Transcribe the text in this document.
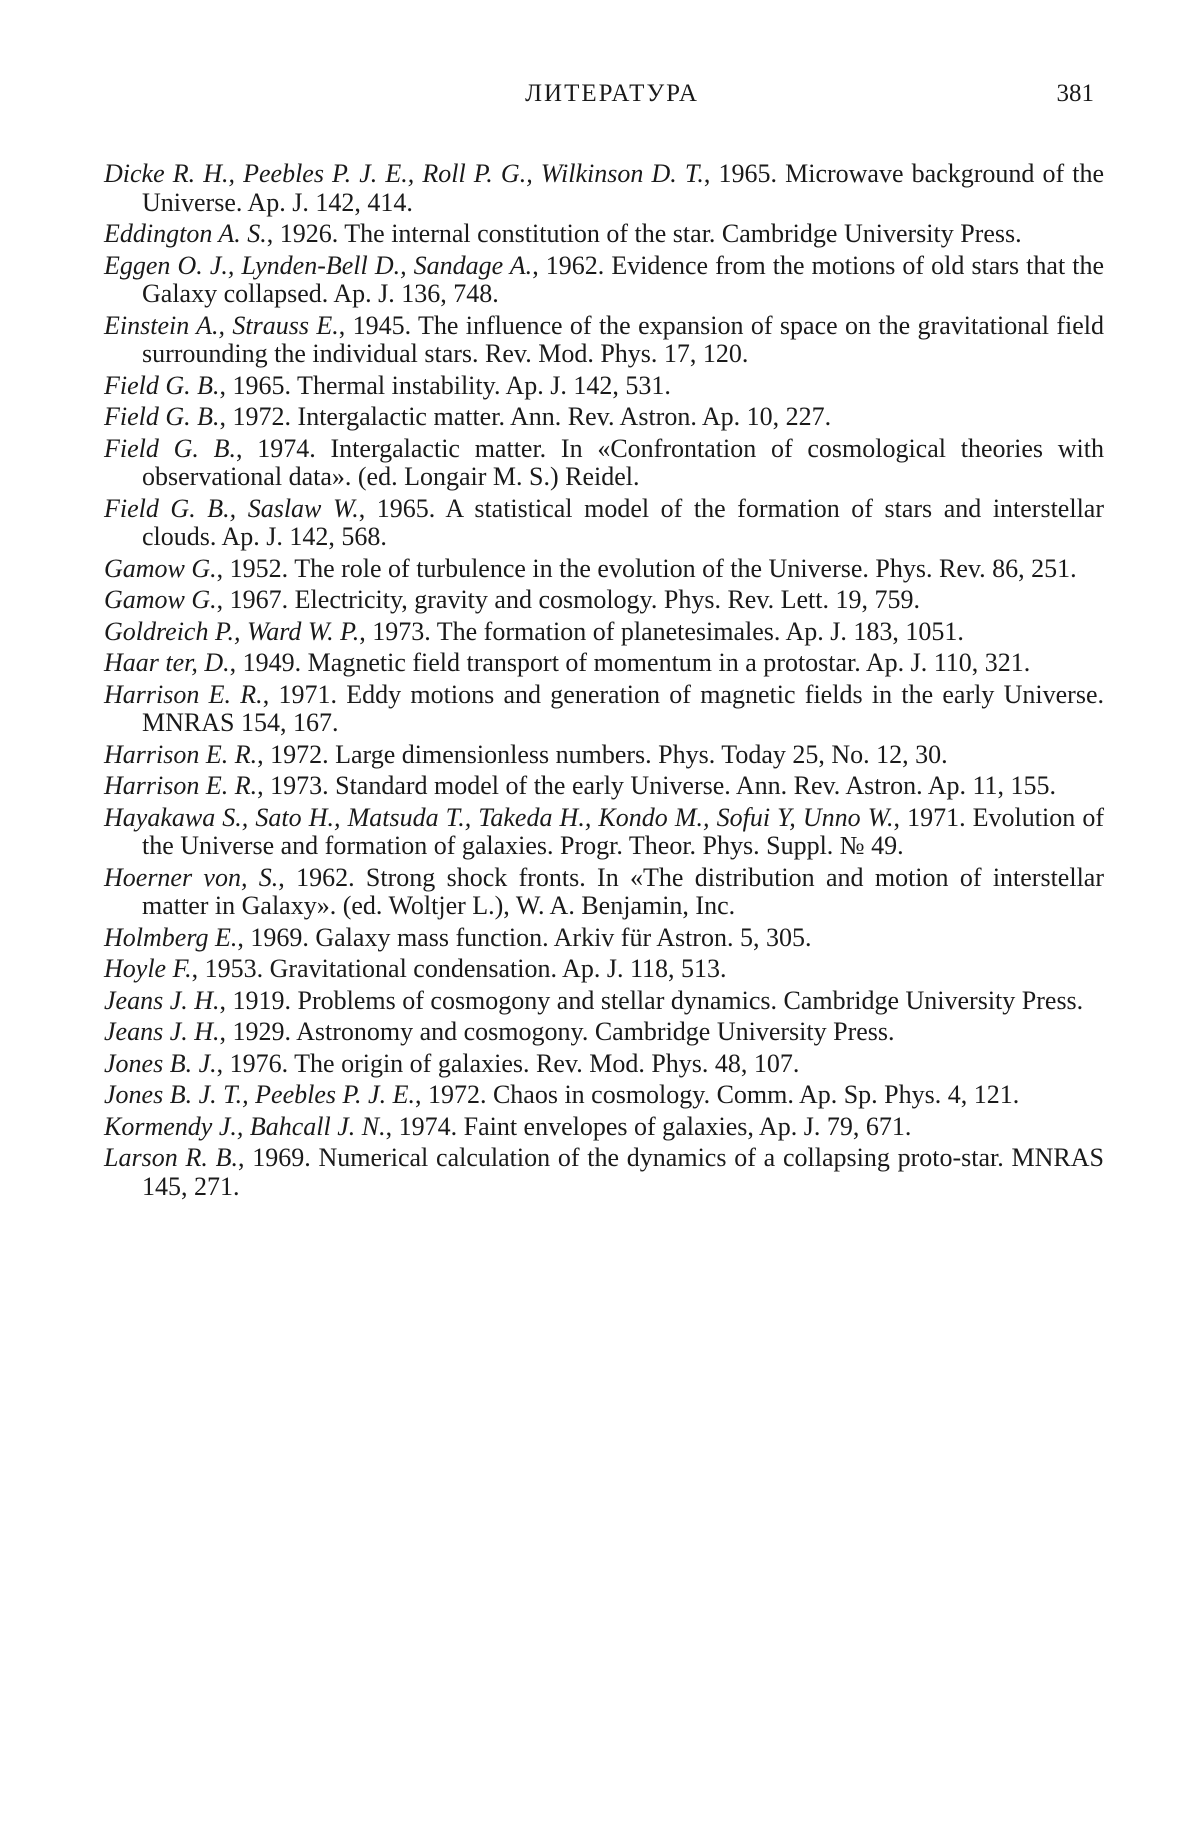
ЛИТЕРАТУРА	381

Dicke R. H., Peebles P. J. E., Roll P. G., Wilkinson D. T., 1965. Microwave background of the Universe. Ap. J. 142, 414.

Eddington A. S., 1926. The internal constitution of the star. Cambridge University Press.

Eggen O. J., Lynden-Bell D., Sandage A., 1962. Evidence from the motions of old stars that the Galaxy collapsed. Ap. J. 136, 748.

Einstein A., Strauss E., 1945. The influence of the expansion of space on the gravitational field surrounding the individual stars. Rev. Mod. Phys. 17, 120.

Field G. B., 1965. Thermal instability. Ap. J. 142, 531.

Field G. B., 1972. Intergalactic matter. Ann. Rev. Astron. Ap. 10, 227.

Field G. B., 1974. Intergalactic matter. In «Confrontation of cosmological theories with observational data». (ed. Longair M. S.) Reidel.

Field G. B., Saslaw W., 1965. A statistical model of the formation of stars and interstellar clouds. Ap. J. 142, 568.

Gamow G., 1952. The role of turbulence in the evolution of the Universe. Phys. Rev. 86, 251.

Gamow G., 1967. Electricity, gravity and cosmology. Phys. Rev. Lett. 19, 759.

Goldreich P., Ward W. P., 1973. The formation of planetesimales. Ap. J. 183, 1051.

Haar ter, D., 1949. Magnetic field transport of momentum in a protostar. Ap. J. 110, 321.

Harrison E. R., 1971. Eddy motions and generation of magnetic fields in the early Universe. MNRAS 154, 167.

Harrison E. R., 1972. Large dimensionless numbers. Phys. Today 25, No. 12, 30.

Harrison E. R., 1973. Standard model of the early Universe. Ann. Rev. Astron. Ap. 11, 155.

Hayakawa S., Sato H., Matsuda T., Takeda H., Kondo M., Sofui Y, Unno W., 1971. Evolution of the Universe and formation of galaxies. Progr. Theor. Phys. Suppl. № 49.

Hoerner von, S., 1962. Strong shock fronts. In «The distribution and motion of interstellar matter in Galaxy». (ed. Woltjer L.), W. A. Benjamin, Inc.

Holmberg E., 1969. Galaxy mass function. Arkiv für Astron. 5, 305.

Hoyle F., 1953. Gravitational condensation. Ap. J. 118, 513.

Jeans J. H., 1919. Problems of cosmogony and stellar dynamics. Cambridge University Press.

Jeans J. H., 1929. Astronomy and cosmogony. Cambridge University Press.

Jones B. J., 1976. The origin of galaxies. Rev. Mod. Phys. 48, 107.

Jones B. J. T., Peebles P. J. E., 1972. Chaos in cosmology. Comm. Ap. Sp. Phys. 4, 121.

Kormendy J., Bahcall J. N., 1974. Faint envelopes of galaxies, Ap. J. 79, 671.

Larson R. B., 1969. Numerical calculation of the dynamics of a collapsing proto-star. MNRAS 145, 271.
